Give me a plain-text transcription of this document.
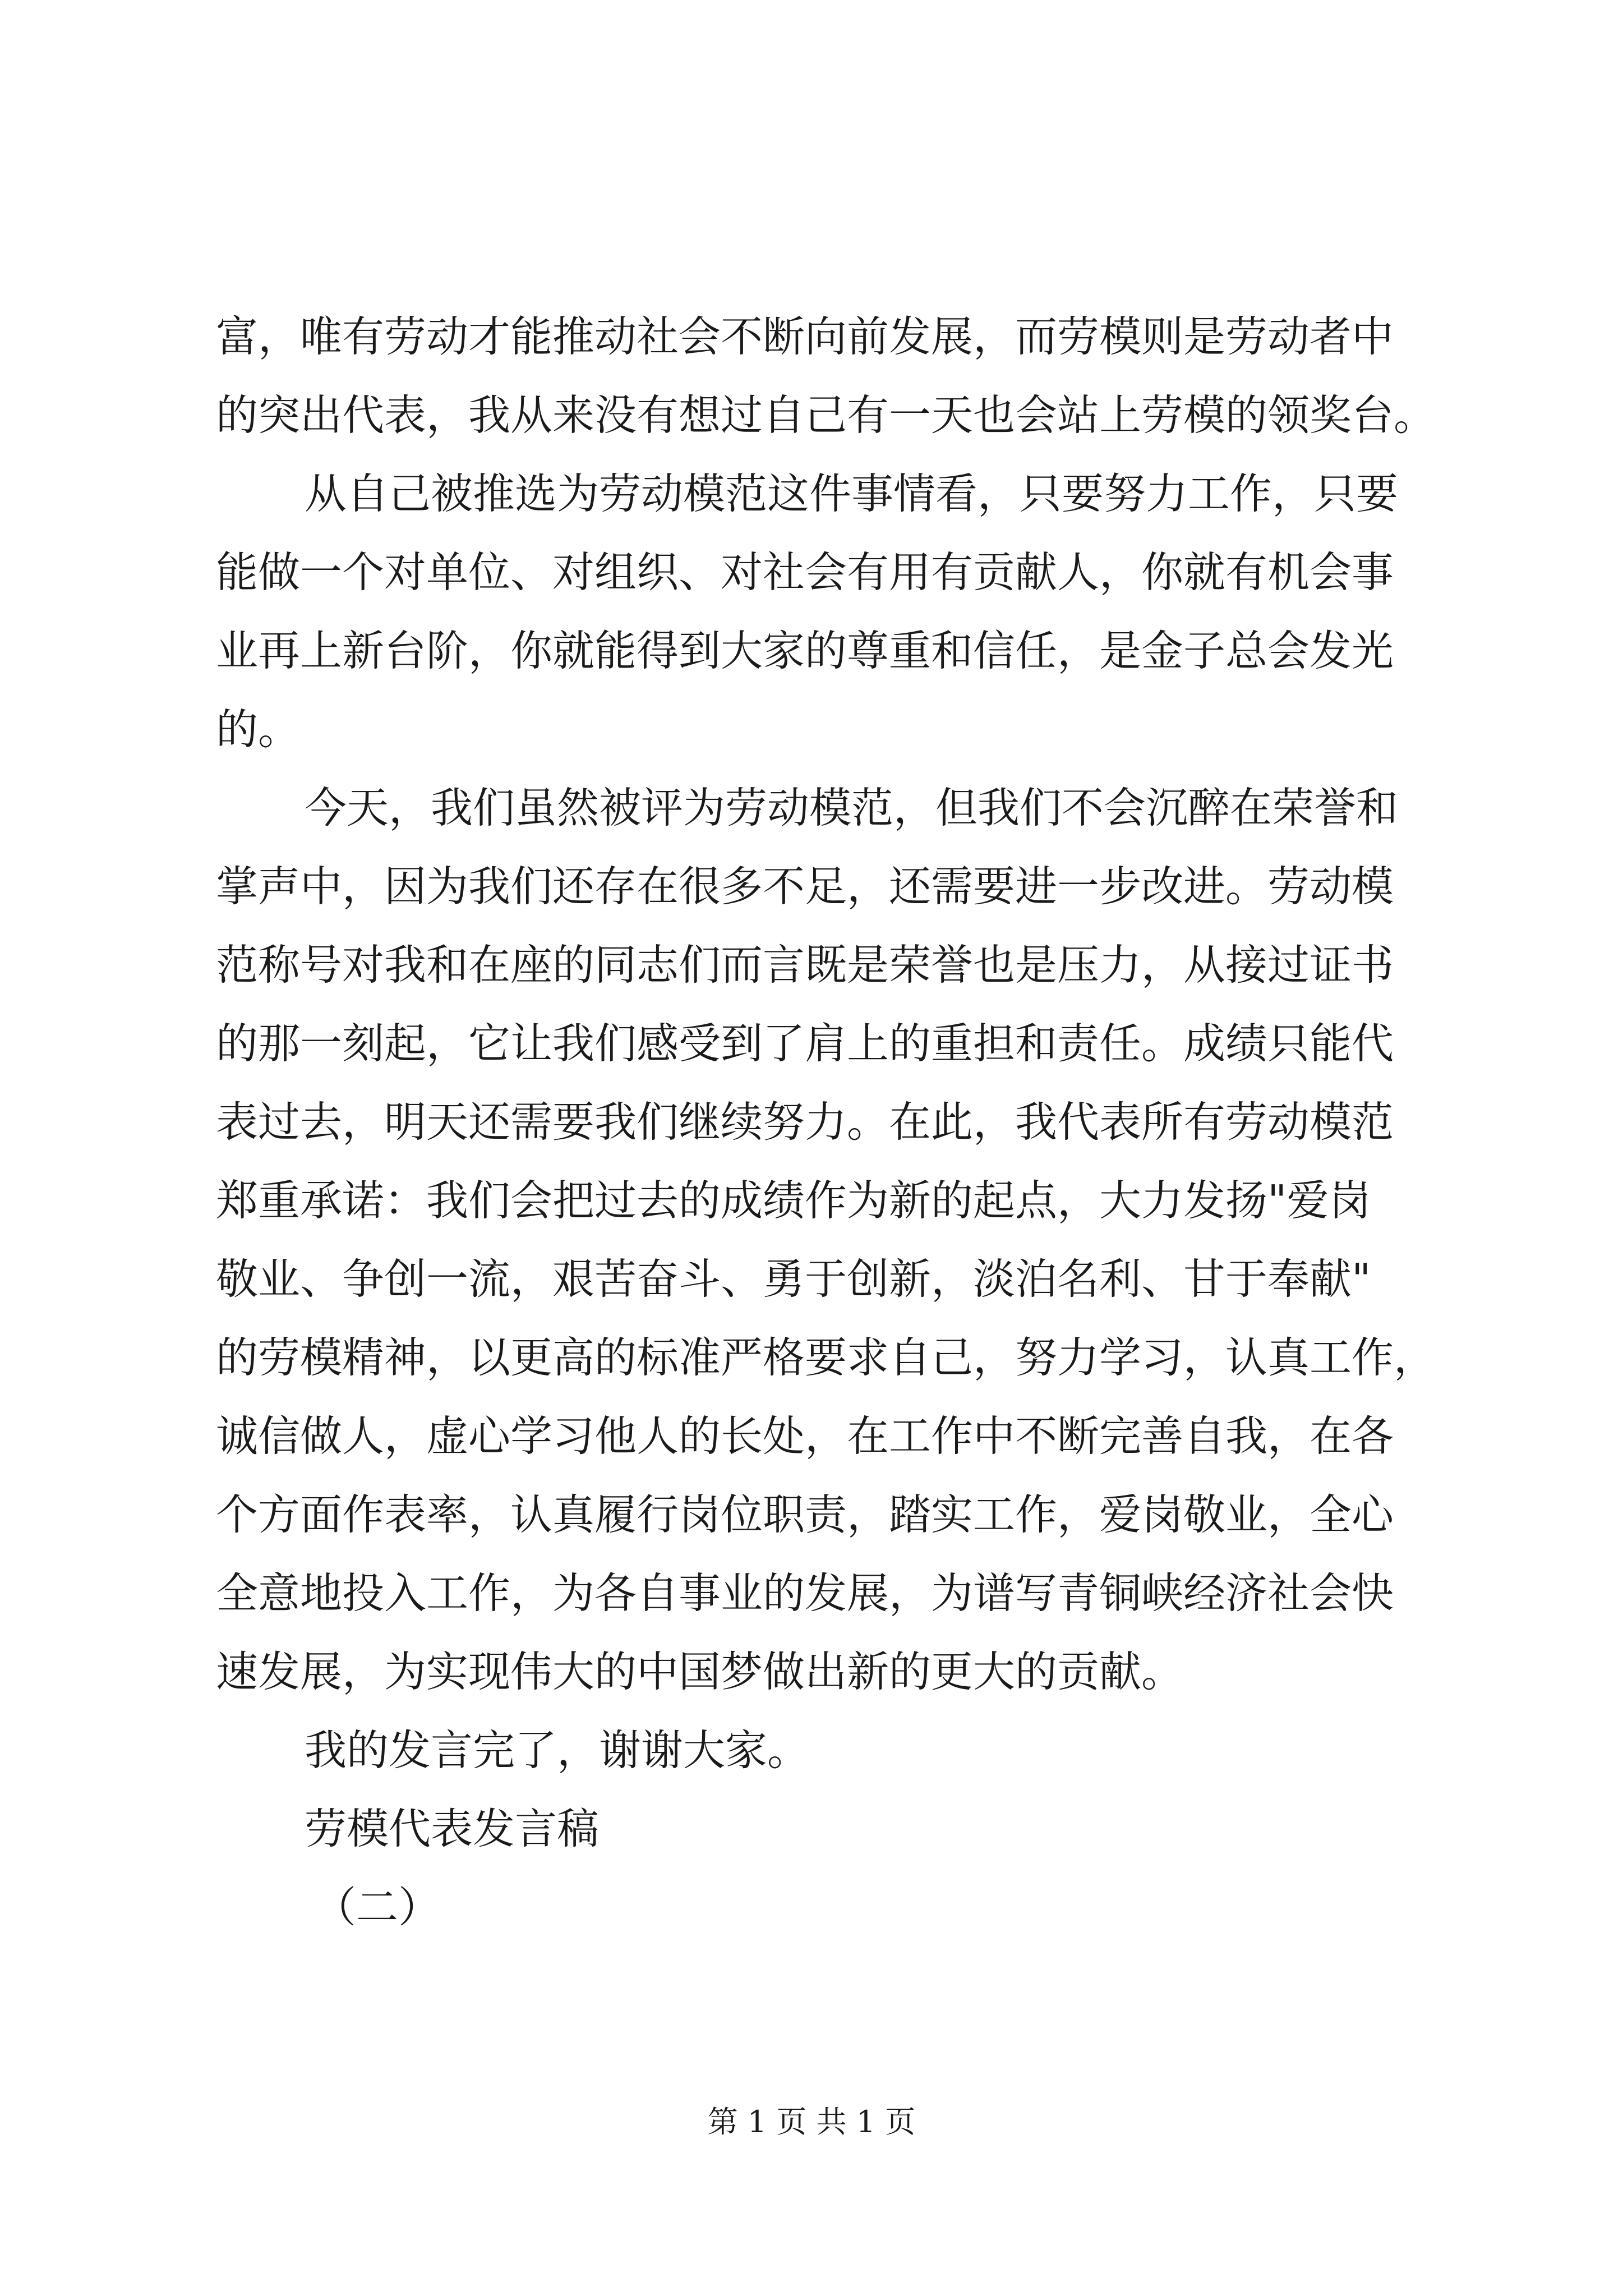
富，唯有劳动才能推动社会不断向前发展，而劳模则是劳动者中
的突出代表，我从来没有想过自己有一天也会站上劳模的领奖台。
从自己被推选为劳动模范这件事情看，只要努力工作，只要
能做一个对单位、对组织、对社会有用有贡献人，你就有机会事
业再上新台阶，你就能得到大家的尊重和信任，是金子总会发光
的。
今天，我们虽然被评为劳动模范，但我们不会沉醉在荣誉和
掌声中，因为我们还存在很多不足，还需要进一步改进。劳动模
范称号对我和在座的同志们而言既是荣誉也是压力，从接过证书
的那一刻起，它让我们感受到了肩上的重担和责任。成绩只能代
表过去，明天还需要我们继续努力。在此，我代表所有劳动模范
郑重承诺：我们会把过去的成绩作为新的起点，大力发扬"爱岗
敬业、争创一流，艰苦奋斗、勇于创新，淡泊名利、甘于奉献"
的劳模精神，以更高的标准严格要求自己，努力学习，认真工作，
诚信做人，虚心学习他人的长处，在工作中不断完善自我，在各
个方面作表率，认真履行岗位职责，踏实工作，爱岗敬业，全心
全意地投入工作，为各自事业的发展，为谱写青铜峡经济社会快
速发展，为实现伟大的中国梦做出新的更大的贡献。
我的发言完了，谢谢大家。
劳模代表发言稿
（二）
第 1 页 共 1 页
